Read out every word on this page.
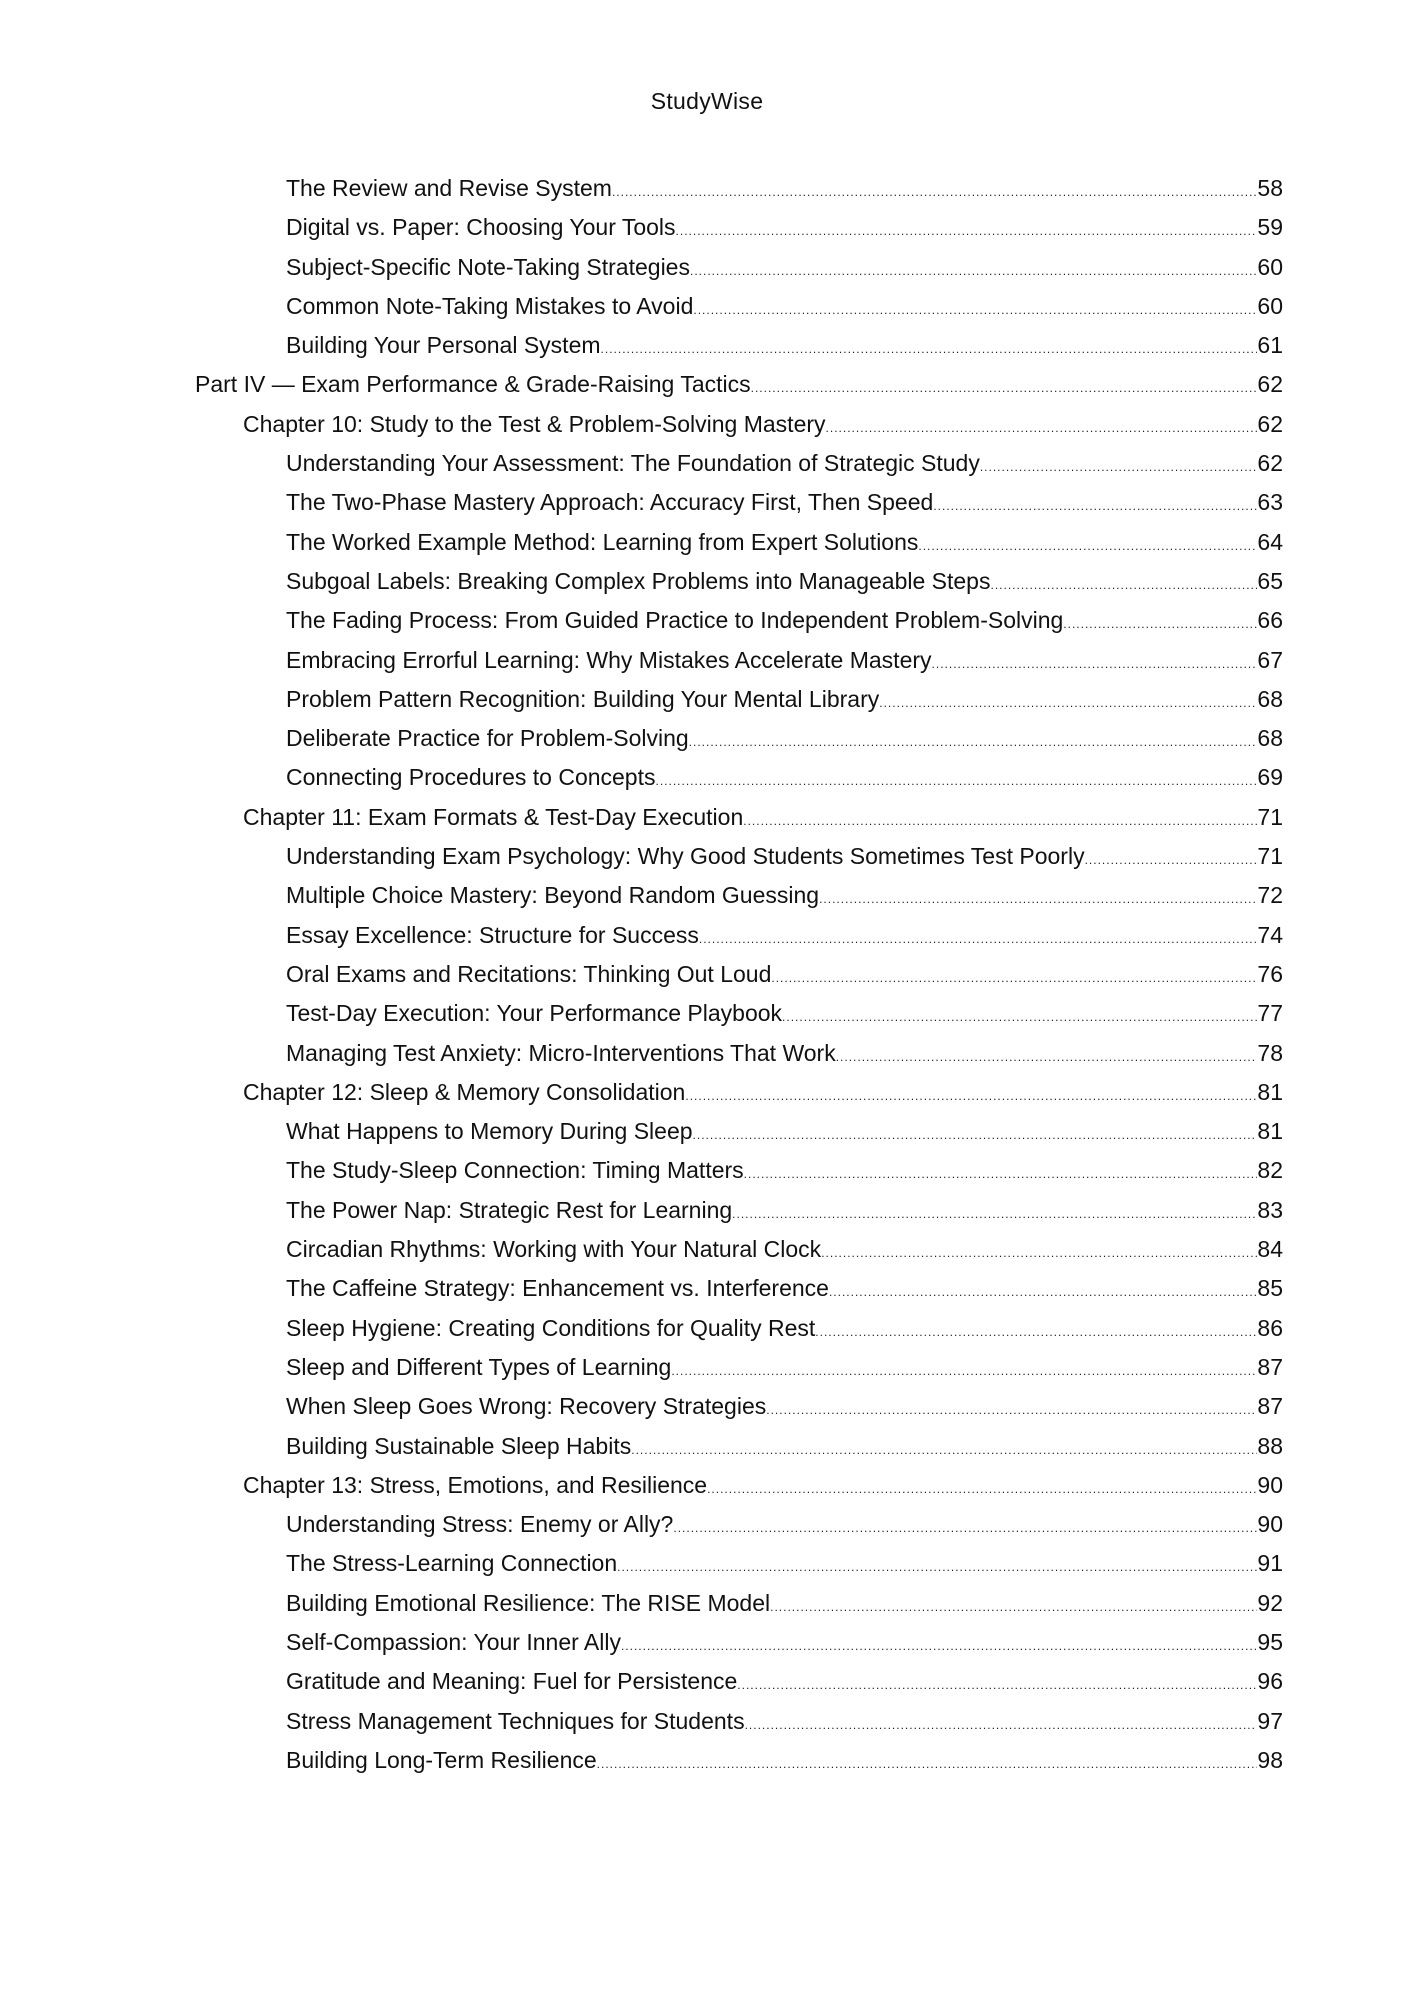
StudyWise
The Review and Revise System .....	58
Digital vs. Paper: Choosing Your Tools .....	59
Subject-Specific Note-Taking Strategies .....	60
Common Note-Taking Mistakes to Avoid .....	60
Building Your Personal System .....	61
Part IV — Exam Performance & Grade-Raising Tactics .....	62
Chapter 10: Study to the Test & Problem-Solving Mastery .....	62
Understanding Your Assessment: The Foundation of Strategic Study .....	62
The Two-Phase Mastery Approach: Accuracy First, Then Speed .....	63
The Worked Example Method: Learning from Expert Solutions .....	64
Subgoal Labels: Breaking Complex Problems into Manageable Steps .....	65
The Fading Process: From Guided Practice to Independent Problem-Solving .....	66
Embracing Errorful Learning: Why Mistakes Accelerate Mastery .....	67
Problem Pattern Recognition: Building Your Mental Library .....	68
Deliberate Practice for Problem-Solving .....	68
Connecting Procedures to Concepts .....	69
Chapter 11: Exam Formats & Test-Day Execution .....	71
Understanding Exam Psychology: Why Good Students Sometimes Test Poorly .....	71
Multiple Choice Mastery: Beyond Random Guessing .....	72
Essay Excellence: Structure for Success .....	74
Oral Exams and Recitations: Thinking Out Loud .....	76
Test-Day Execution: Your Performance Playbook .....	77
Managing Test Anxiety: Micro-Interventions That Work .....	78
Chapter 12: Sleep & Memory Consolidation .....	81
What Happens to Memory During Sleep .....	81
The Study-Sleep Connection: Timing Matters .....	82
The Power Nap: Strategic Rest for Learning .....	83
Circadian Rhythms: Working with Your Natural Clock .....	84
The Caffeine Strategy: Enhancement vs. Interference .....	85
Sleep Hygiene: Creating Conditions for Quality Rest .....	86
Sleep and Different Types of Learning .....	87
When Sleep Goes Wrong: Recovery Strategies .....	87
Building Sustainable Sleep Habits .....	88
Chapter 13: Stress, Emotions, and Resilience .....	90
Understanding Stress: Enemy or Ally? .....	90
The Stress-Learning Connection .....	91
Building Emotional Resilience: The RISE Model .....	92
Self-Compassion: Your Inner Ally .....	95
Gratitude and Meaning: Fuel for Persistence .....	96
Stress Management Techniques for Students .....	97
Building Long-Term Resilience .....	98
